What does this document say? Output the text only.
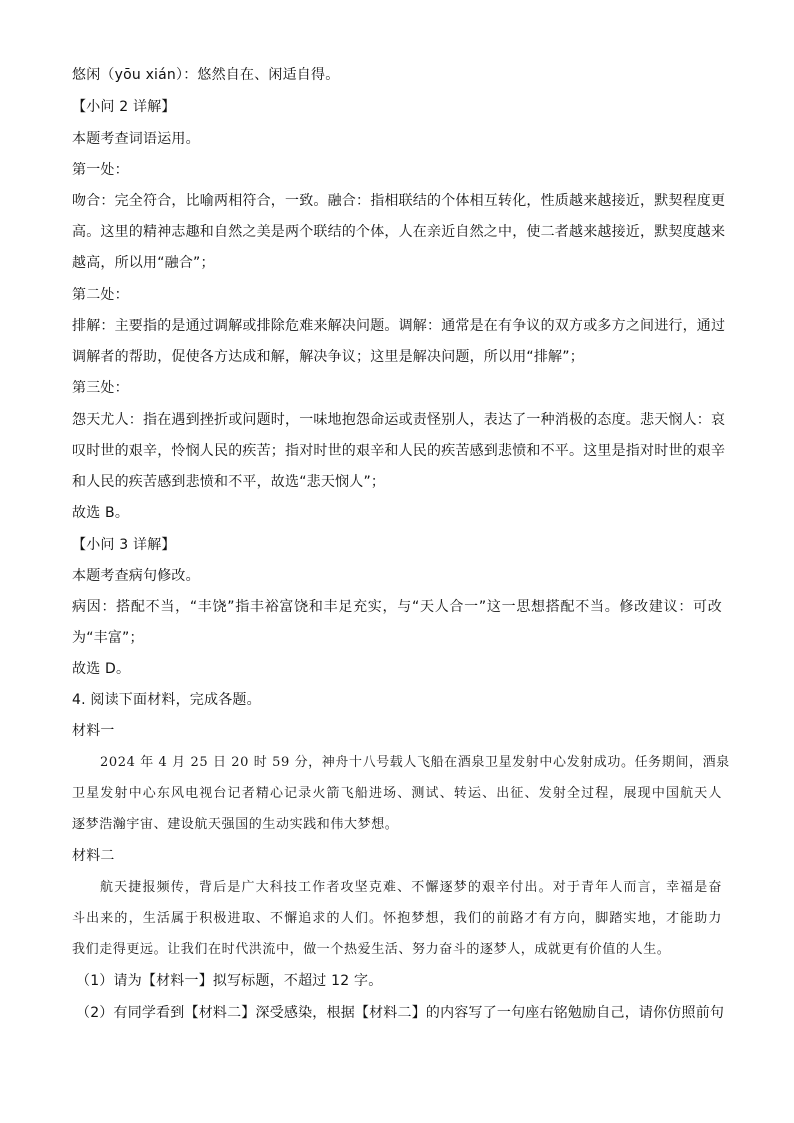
悠闲（yōu xián）：悠然自在、闲适自得。
【小问 2 详解】
本题考查词语运用。
第一处：
吻合：完全符合，比喻两相符合，一致。融合：指相联结的个体相互转化，性质越来越接近，默契程度更
高。这里的精神志趣和自然之美是两个联结的个体，人在亲近自然之中，使二者越来越接近，默契度越来
越高，所以用“融合”；
第二处：
排解：主要指的是通过调解或排除危难来解决问题。调解：通常是在有争议的双方或多方之间进行，通过
调解者的帮助，促使各方达成和解，解决争议；这里是解决问题，所以用“排解”；
第三处：
怨天尤人：指在遇到挫折或问题时，一味地抱怨命运或责怪别人，表达了一种消极的态度。悲天悯人：哀
叹时世的艰辛，怜悯人民的疾苦；指对时世的艰辛和人民的疾苦感到悲愤和不平。这里是指对时世的艰辛
和人民的疾苦感到悲愤和不平，故选“悲天悯人”；
故选 B。
【小问 3 详解】
本题考查病句修改。
病因：搭配不当，“丰饶”指丰裕富饶和丰足充实，与“天人合一”这一思想搭配不当。修改建议：可改
为“丰富”；
故选 D。
4. 阅读下面材料，完成各题。
材料一
2024 年 4 月 25 日 20 时 59 分，神舟十八号载人飞船在酒泉卫星发射中心发射成功。任务期间，酒泉
卫星发射中心东风电视台记者精心记录火箭飞船进场、测试、转运、出征、发射全过程，展现中国航天人
逐梦浩瀚宇宙、建设航天强国的生动实践和伟大梦想。
材料二
航天捷报频传，背后是广大科技工作者攻坚克难、不懈逐梦的艰辛付出。对于青年人而言，幸福是奋
斗出来的，生活属于积极进取、不懈追求的人们。怀抱梦想，我们的前路才有方向，脚踏实地，才能助力
我们走得更远。让我们在时代洪流中，做一个热爱生活、努力奋斗的逐梦人，成就更有价值的人生。
（1）请为【材料一】拟写标题，不超过 12 字。
（2）有同学看到【材料二】深受感染，根据【材料二】的内容写了一句座右铭勉励自己，请你仿照前句
